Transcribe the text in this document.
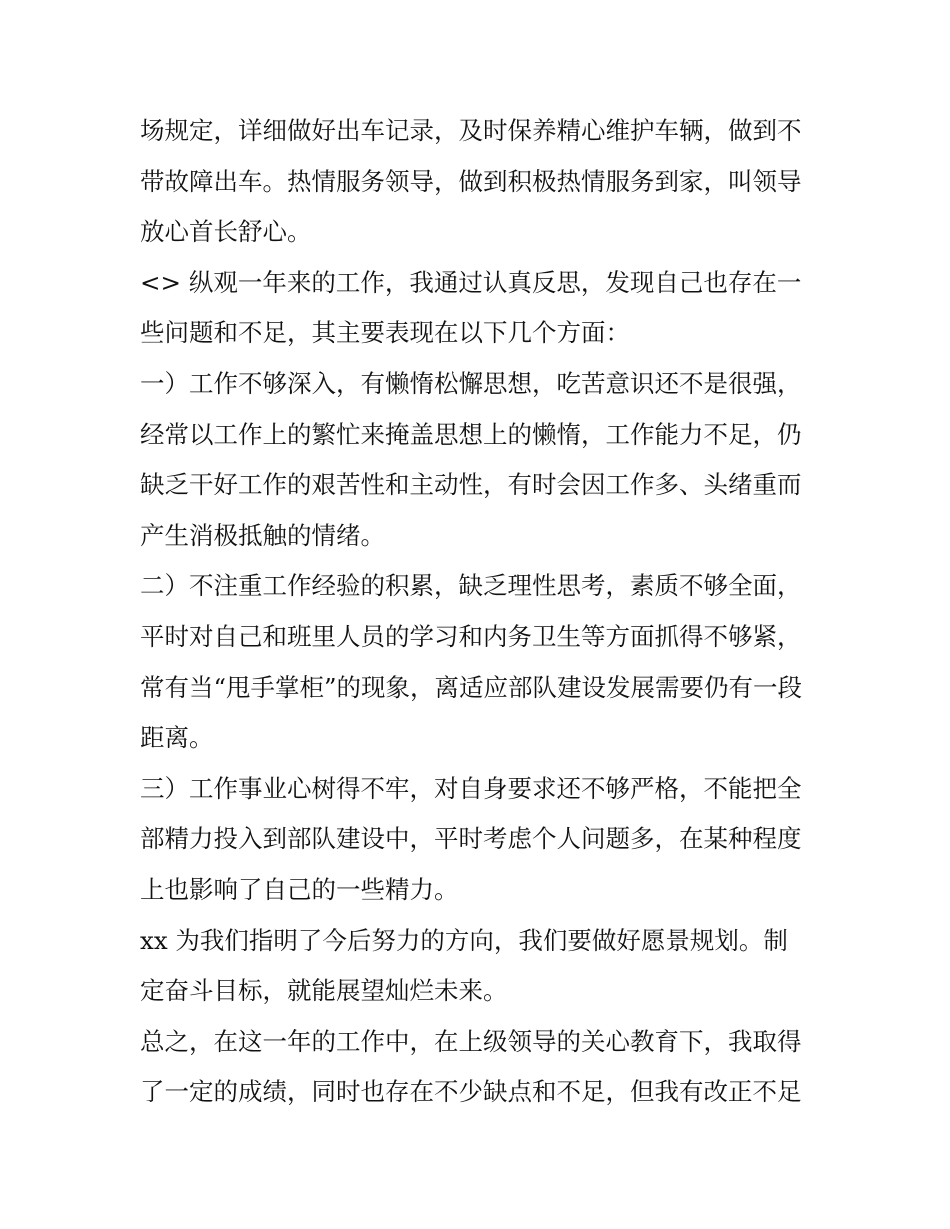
场规定，详细做好出车记录，及时保养精心维护车辆，做到不
带故障出车。热情服务领导，做到积极热情服务到家，叫领导
放心首长舒心。
<> 纵观一年来的工作，我通过认真反思，发现自己也存在一
些问题和不足，其主要表现在以下几个方面：
一）工作不够深入，有懒惰松懈思想，吃苦意识还不是很强，
经常以工作上的繁忙来掩盖思想上的懒惰，工作能力不足，仍
缺乏干好工作的艰苦性和主动性，有时会因工作多、头绪重而
产生消极抵触的情绪。
二）不注重工作经验的积累，缺乏理性思考，素质不够全面，
平时对自己和班里人员的学习和内务卫生等方面抓得不够紧，
常有当“甩手掌柜”的现象，离适应部队建设发展需要仍有一段
距离。
三）工作事业心树得不牢，对自身要求还不够严格，不能把全
部精力投入到部队建设中，平时考虑个人问题多，在某种程度
上也影响了自己的一些精力。
xx 为我们指明了今后努力的方向，我们要做好愿景规划。制
定奋斗目标，就能展望灿烂未来。
总之，在这一年的工作中，在上级领导的关心教育下，我取得
了一定的成绩，同时也存在不少缺点和不足，但我有改正不足
